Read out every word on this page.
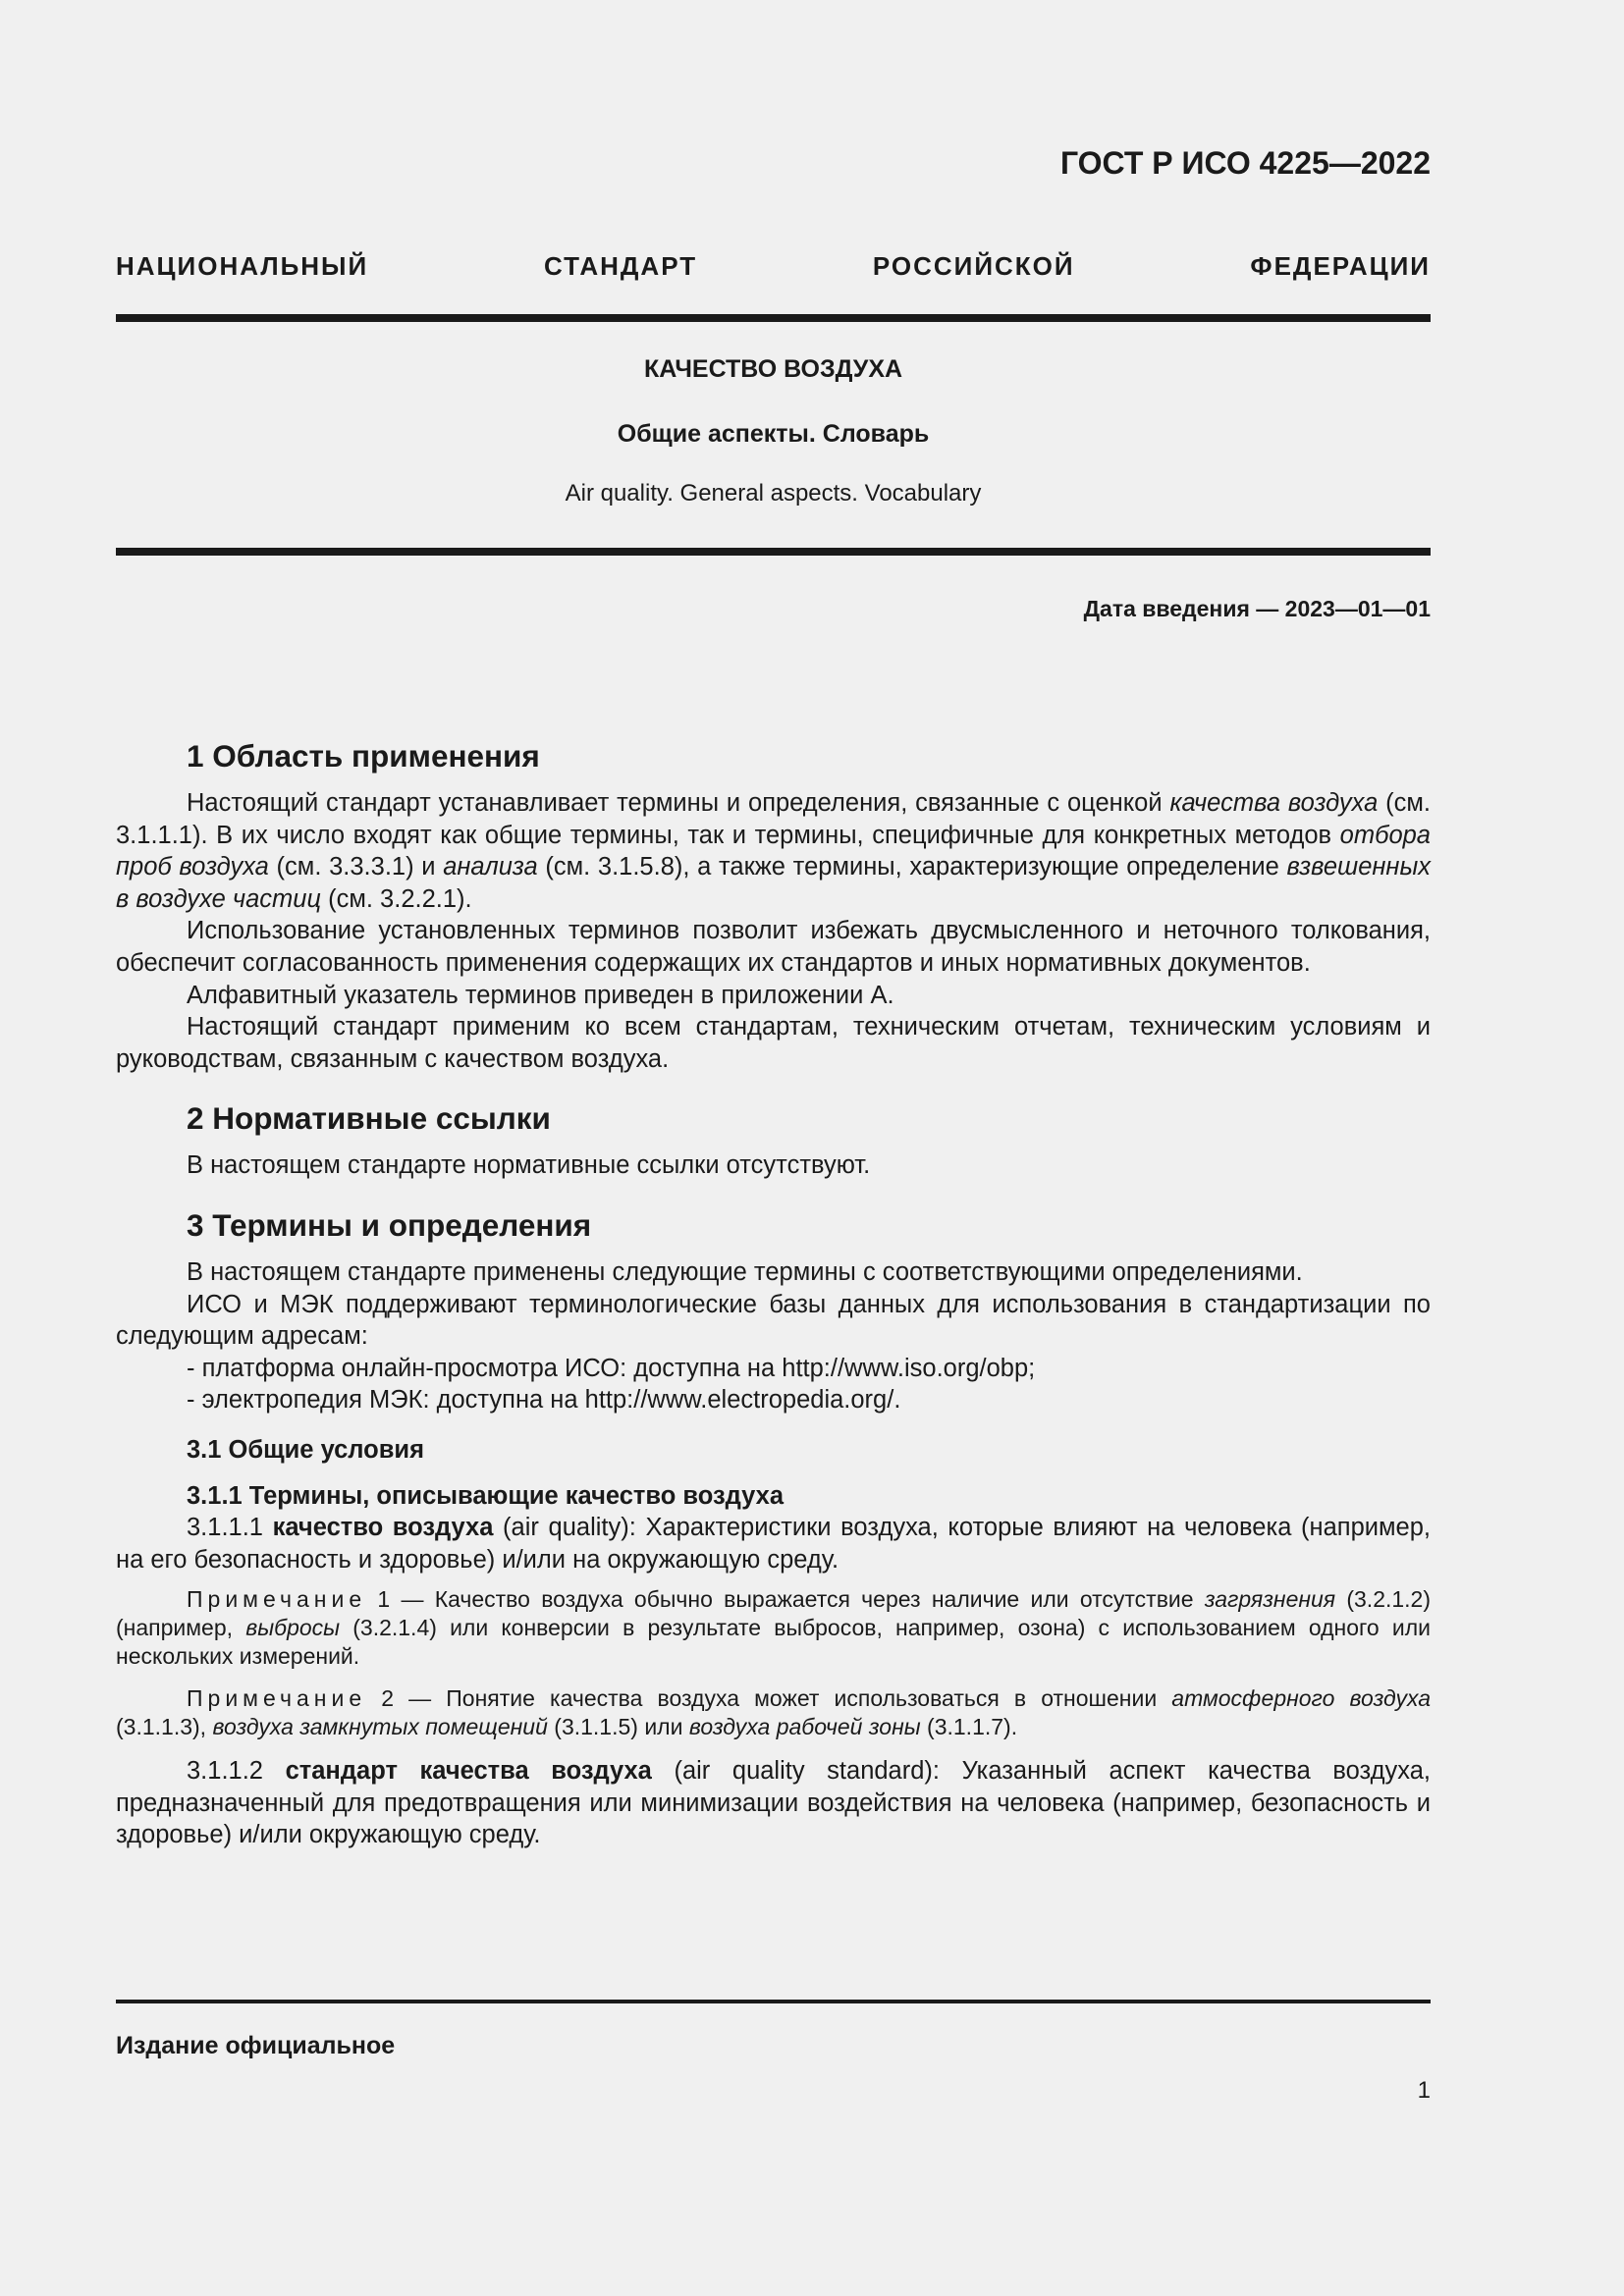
ГОСТ Р ИСО 4225—2022
НАЦИОНАЛЬНЫЙ СТАНДАРТ РОССИЙСКОЙ ФЕДЕРАЦИИ
КАЧЕСТВО ВОЗДУХА
Общие аспекты. Словарь
Air quality. General aspects. Vocabulary
Дата введения — 2023—01—01
1 Область применения

Настоящий стандарт устанавливает термины и определения, связанные с оценкой качества воздуха (см. 3.1.1.1). В их число входят как общие термины, так и термины, специфичные для конкретных методов отбора проб воздуха (см. 3.3.3.1) и анализа (см. 3.1.5.8), а также термины, характеризующие определение взвешенных в воздухе частиц (см. 3.2.2.1).

Использование установленных терминов позволит избежать двусмысленного и неточного толкования, обеспечит согласованность применения содержащих их стандартов и иных нормативных документов.

Алфавитный указатель терминов приведен в приложении А.

Настоящий стандарт применим ко всем стандартам, техническим отчетам, техническим условиям и руководствам, связанным с качеством воздуха.

2 Нормативные ссылки

В настоящем стандарте нормативные ссылки отсутствуют.

3 Термины и определения

В настоящем стандарте применены следующие термины с соответствующими определениями.

ИСО и МЭК поддерживают терминологические базы данных для использования в стандартизации по следующим адресам:

- платформа онлайн-просмотра ИСО: доступна на http://www.iso.org/obp;
- электропедия МЭК: доступна на http://www.electropedia.org/.
3.1 Общие условия
3.1.1 Термины, описывающие качество воздуха

3.1.1.1 качество воздуха (air quality): Характеристики воздуха, которые влияют на человека (например, на его безопасность и здоровье) и/или на окружающую среду.

Примечание 1 — Качество воздуха обычно выражается через наличие или отсутствие загрязнения (3.2.1.2) (например, выбросы (3.2.1.4) или конверсии в результате выбросов, например, озона) с использованием одного или нескольких измерений.

Примечание 2 — Понятие качества воздуха может использоваться в отношении атмосферного воздуха (3.1.1.3), воздуха замкнутых помещений (3.1.1.5) или воздуха рабочей зоны (3.1.1.7).

3.1.1.2 стандарт качества воздуха (air quality standard): Указанный аспект качества воздуха, предназначенный для предотвращения или минимизации воздействия на человека (например, безопасность и здоровье) и/или окружающую среду.

Издание официальное
1
